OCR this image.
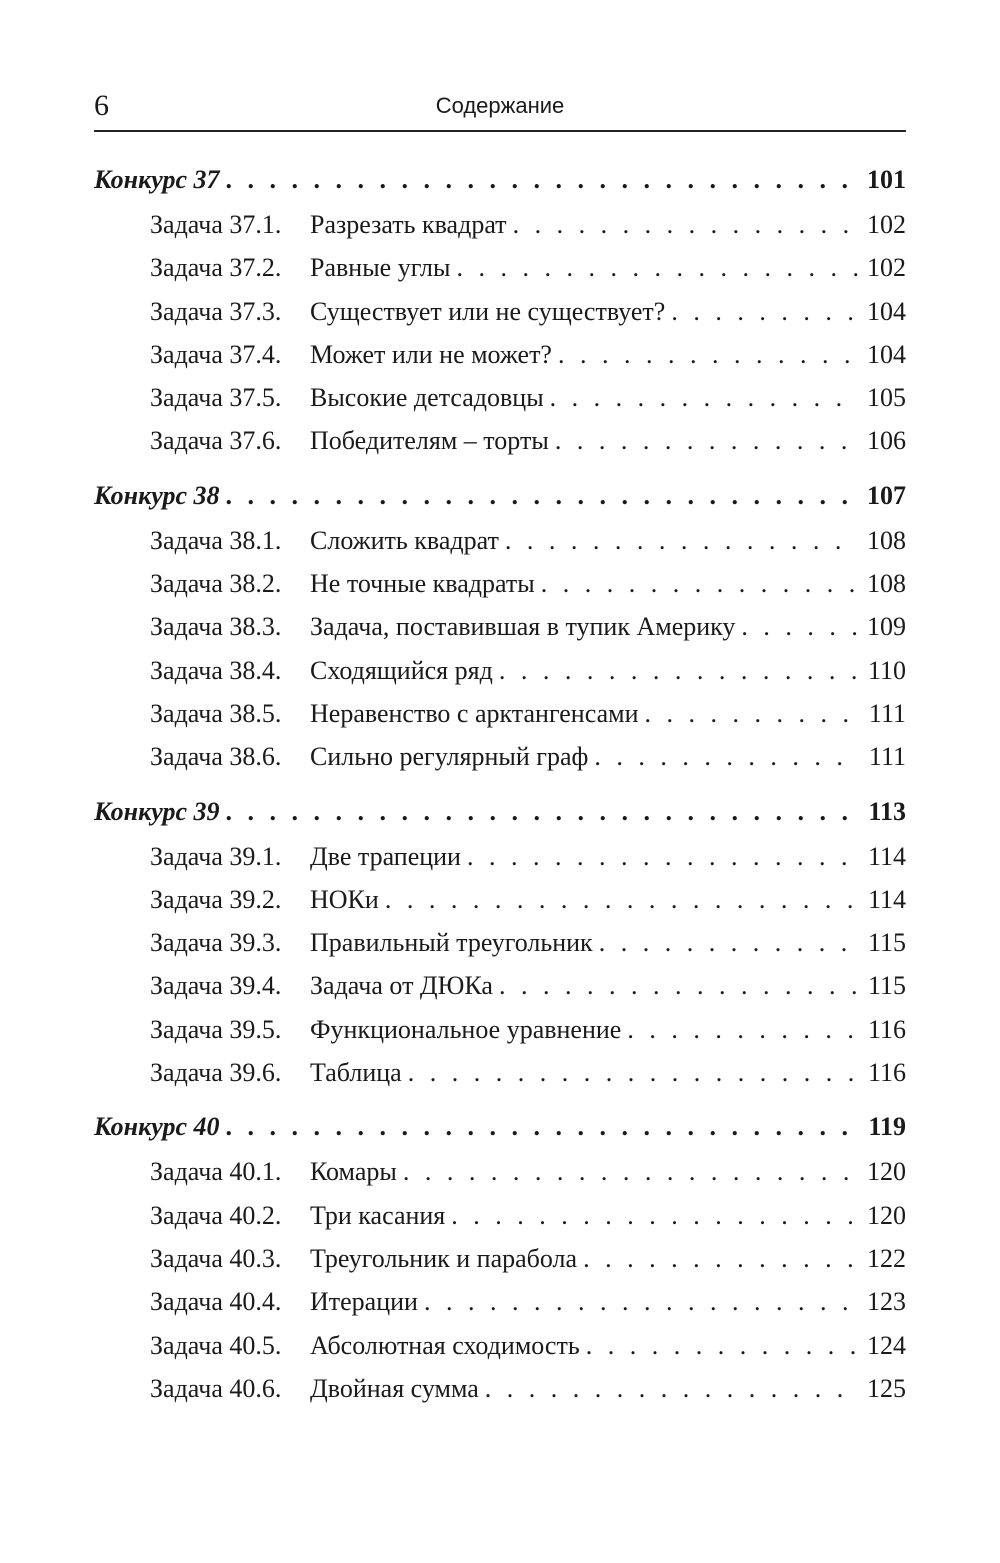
6	Содержание
Конкурс 37 . . .	101
Задача 37.1.	Разрезать квадрат . . .	102
Задача 37.2.	Равные углы . . .	102
Задача 37.3.	Существует или не существует? . . .	104
Задача 37.4.	Может или не может? . . .	104
Задача 37.5.	Высокие детсадовцы . . .	105
Задача 37.6.	Победителям – торты . . .	106
Конкурс 38 . . .	107
Задача 38.1.	Сложить квадрат . . .	108
Задача 38.2.	Не точные квадраты . . .	108
Задача 38.3.	Задача, поставившая в тупик Америку . . .	109
Задача 38.4.	Сходящийся ряд . . .	110
Задача 38.5.	Неравенство с арктангенсами . . .	111
Задача 38.6.	Сильно регулярный граф . . .	111
Конкурс 39 . . .	113
Задача 39.1.	Две трапеции . . .	114
Задача 39.2.	НОКи . . .	114
Задача 39.3.	Правильный треугольник . . .	115
Задача 39.4.	Задача от ДЮКа . . .	115
Задача 39.5.	Функциональное уравнение . . .	116
Задача 39.6.	Таблица . . .	116
Конкурс 40 . . .	119
Задача 40.1.	Комары . . .	120
Задача 40.2.	Три касания . . .	120
Задача 40.3.	Треугольник и парабола . . .	122
Задача 40.4.	Итерации . . .	123
Задача 40.5.	Абсолютная сходимость . . .	124
Задача 40.6.	Двойная сумма . . .	125
